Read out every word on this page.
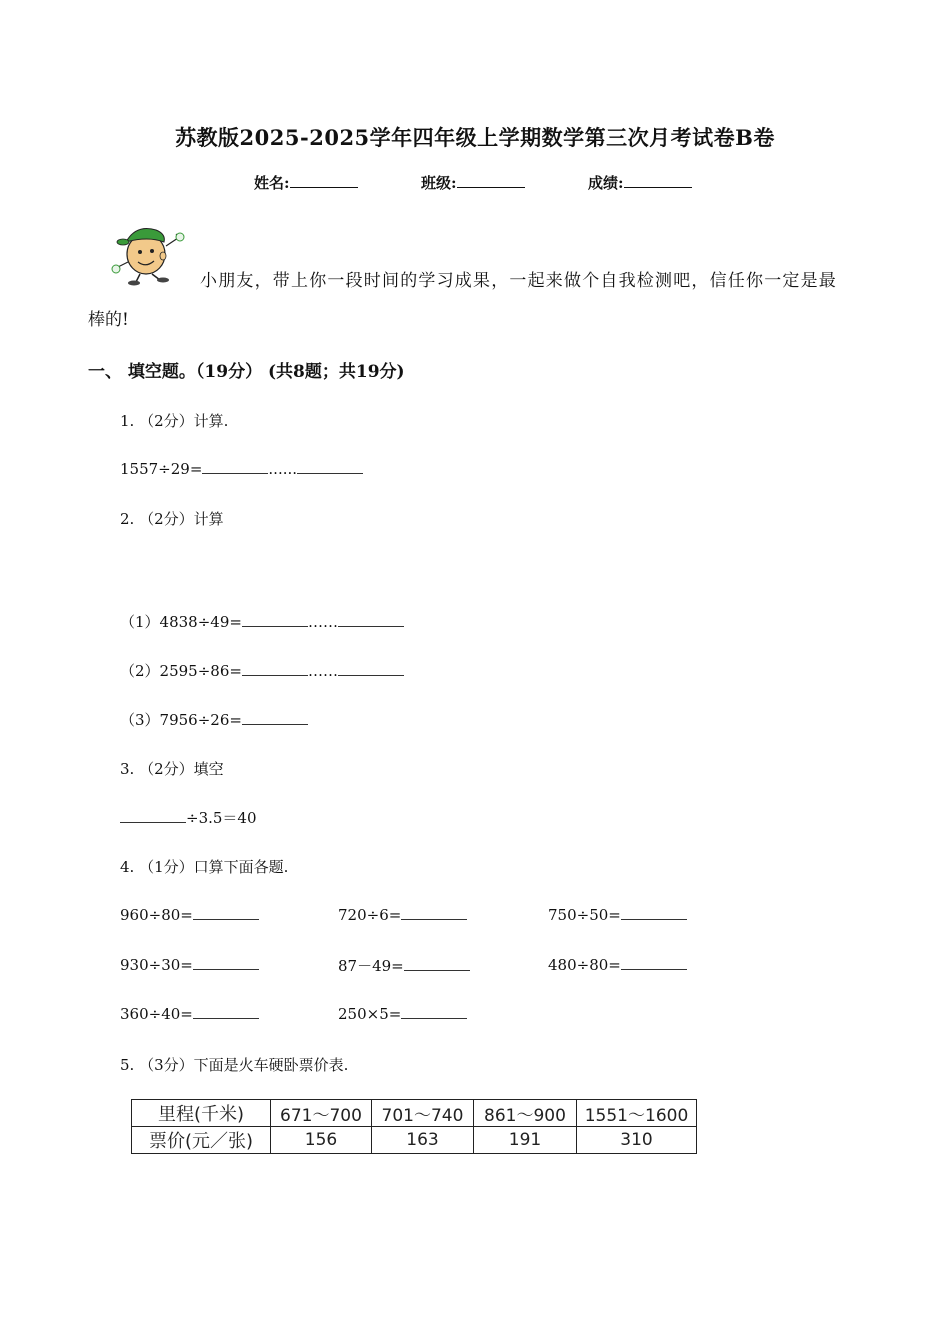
苏教版2025-2025学年四年级上学期数学第三次月考试卷B卷
姓名:	班级:	成绩:
小朋友，带上你一段时间的学习成果，一起来做个自我检测吧，信任你一定是最
棒的!
一、 填空题。（19分） (共8题；共19分)
1. （2分）计算.
1557÷29=	......
2. （2分）计算
（1）4838÷49=	……
（2）2595÷86=	……
（3）7956÷26=
3. （2分）填空
÷3.5＝40
4. （1分）口算下面各题.
960÷80=	720÷6=	750÷50=
930÷30=	87－49=	480÷80=
360÷40=	250×5=
5. （3分）下面是火车硬卧票价表.
里程(千米)	671～700	701～740	861～900	1551～1600
票价(元／张)	156	163	191	310
